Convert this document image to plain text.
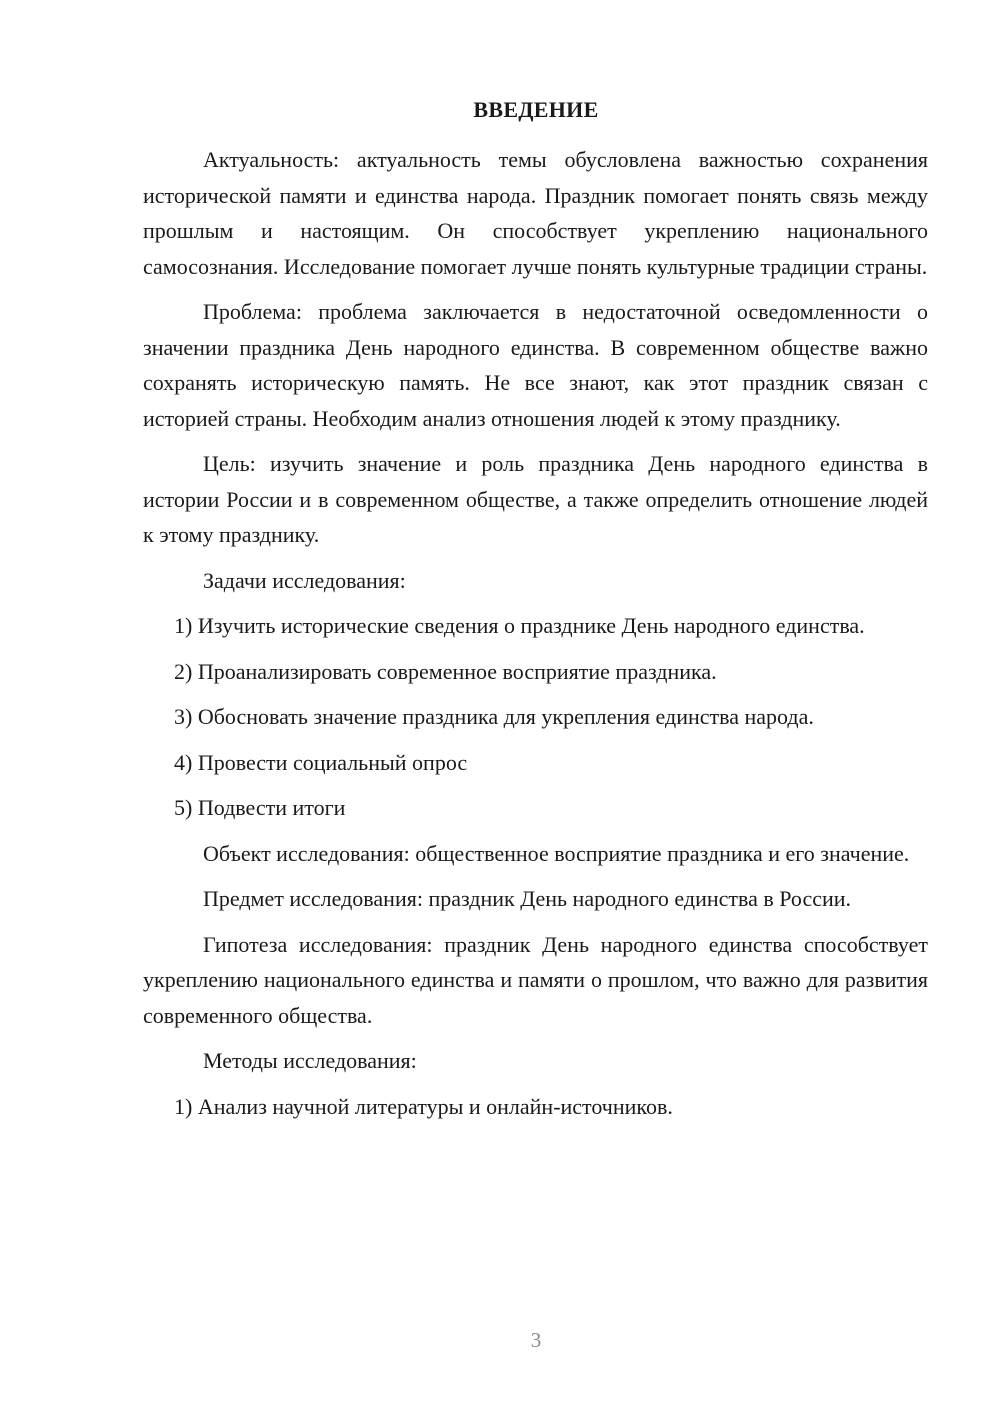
ВВЕДЕНИЕ

Актуальность: актуальность темы обусловлена важностью сохранения исторической памяти и единства народа. Праздник помогает понять связь между прошлым и настоящим. Он способствует укреплению национального самосознания. Исследование помогает лучше понять культурные традиции страны.

Проблема: проблема заключается в недостаточной осведомленности о значении праздника День народного единства. В современном обществе важно сохранять историческую память. Не все знают, как этот праздник связан с историей страны. Необходим анализ отношения людей к этому празднику.

Цель: изучить значение и роль праздника День народного единства в истории России и в современном обществе, а также определить отношение людей к этому празднику.

Задачи исследования:

1) Изучить исторические сведения о празднике День народного единства.

2) Проанализировать современное восприятие праздника.

3) Обосновать значение праздника для укрепления единства народа.

4) Провести социальный опрос

5) Подвести итоги

Объект исследования: общественное восприятие праздника и его значение.

Предмет исследования: праздник День народного единства в России.

Гипотеза исследования: праздник День народного единства способствует укреплению национального единства и памяти о прошлом, что важно для развития современного общества.

Методы исследования:

1) Анализ научной литературы и онлайн-источников.

3
